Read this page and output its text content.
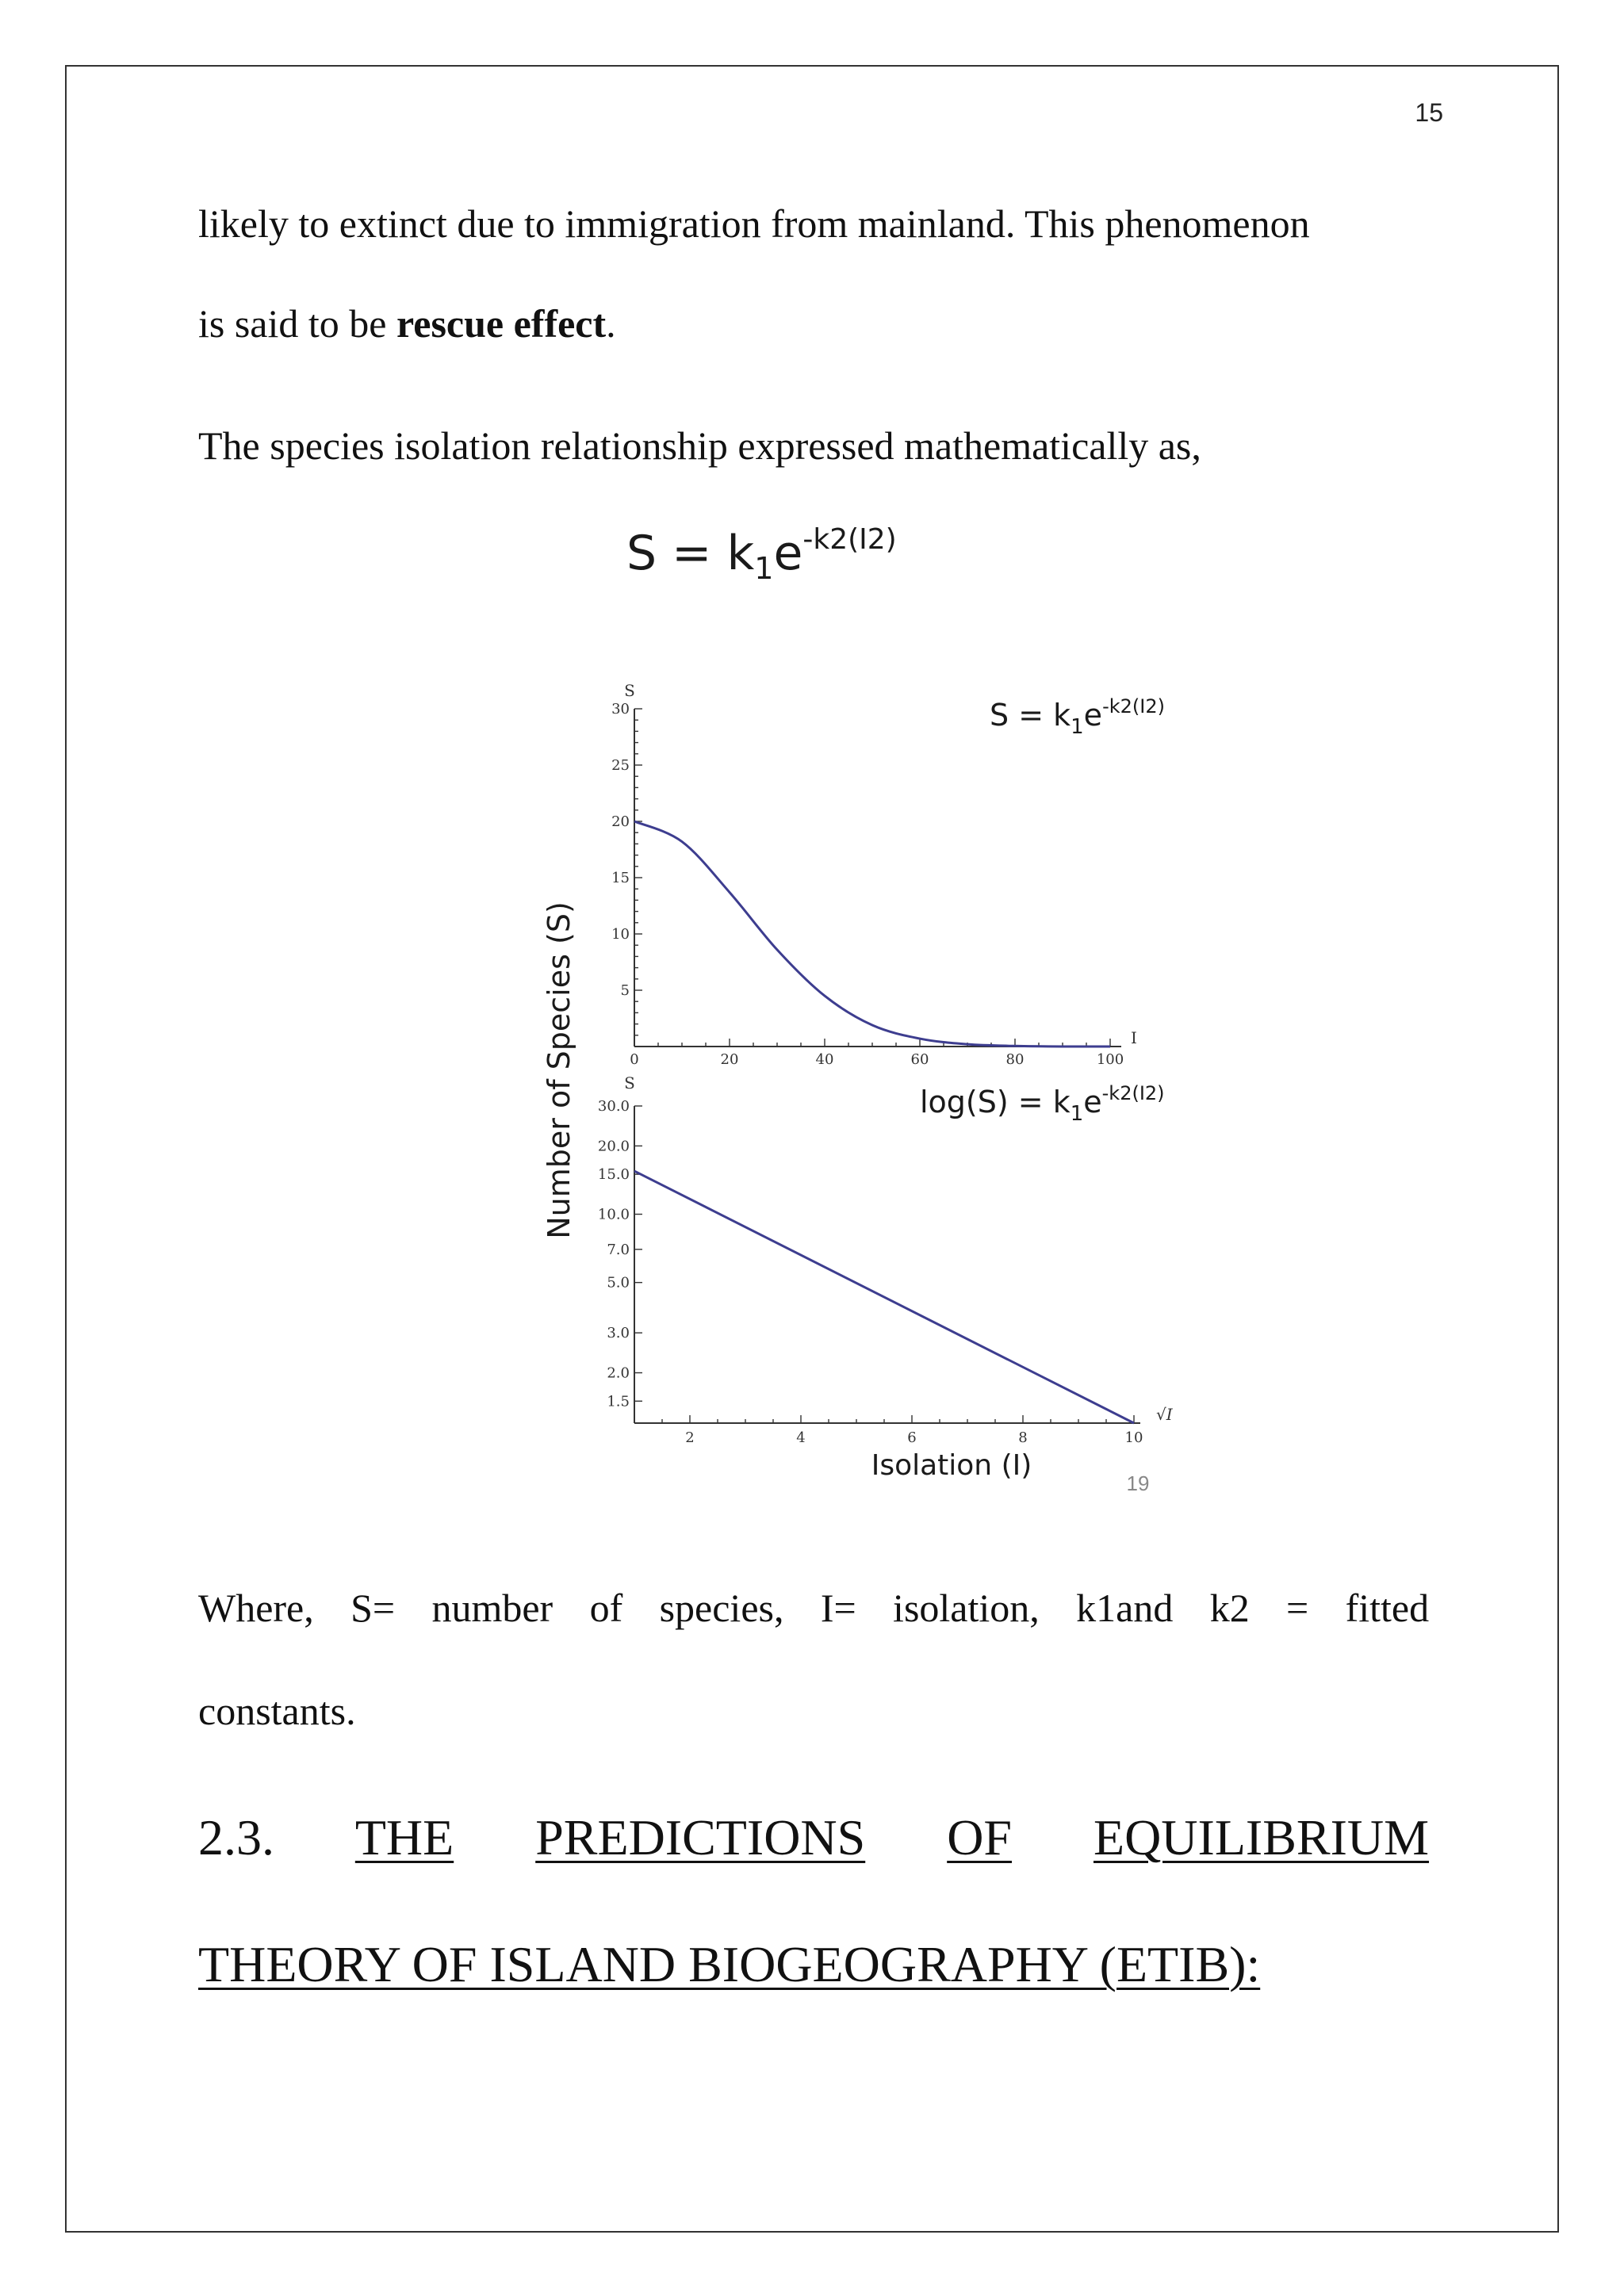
15
likely to extinct due to immigration from mainland. This phenomenon
is said to be rescue effect.
The species isolation relationship expressed mathematically as,
$S = k_1e^{-k2(I2)}$
Number of Species (S)
Isolation (I)
19
$S = k_1e^{-k2(I2)}$
$\log(S) = k_1e^{-k2(I2)}$
5
10
15
20
25
30
0	20	40	60	80	100
S
I
1.5
2.0
3.0
5.0
7.0
10.0
15.0
20.0
30.0
2	4	6	8	10
S
√I
Where, S= number of species, I= isolation, k1and k2 = fitted
constants.
2.3. THE PREDICTIONS OF EQUILIBRIUM
THEORY OF ISLAND BIOGEOGRAPHY (ETIB):
